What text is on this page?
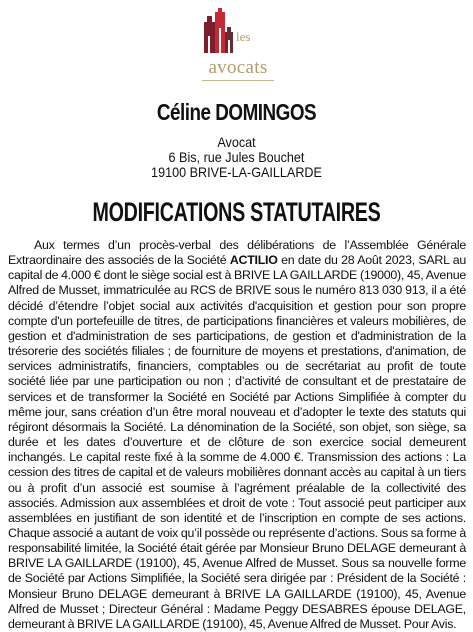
les
avocats
Céline DOMINGOS
Avocat
6 Bis, rue Jules Bouchet
19100 BRIVE-LA-GAILLARDE
MODIFICATIONS STATUTAIRES

Aux termes d’un procès-verbal des délibérations de l’Assemblée Générale Extraordinaire des associés de la Société ACTILIO en date du 28 Août 2023, SARL au capital de 4.000 € dont le siège social est à BRIVE LA GAILLARDE (19000), 45, Avenue Alfred de Musset, immatriculée au RCS de BRIVE sous le numéro 813 030 913, il a été décidé d’étendre l’objet social aux activités d'acquisition et gestion pour son propre compte d'un portefeuille de titres, de participations financières et valeurs mobilières, de gestion et d'administration de ses participations, de gestion et d'administration de la trésorerie des sociétés filiales ; de fourniture de moyens et prestations, d'animation, de services administratifs, financiers, comptables ou de secrétariat au profit de toute société liée par une participation ou non ; d’activité de consultant et de prestataire de services et de transformer la Société en Société par Actions Simplifiée à compter du même jour, sans création d’un être moral nouveau et d’adopter le texte des statuts qui régiront désormais la Société. La dénomination de la Société, son objet, son siège, sa durée et les dates d’ouverture et de clôture de son exercice social demeurent inchangés. Le capital reste fixé à la somme de 4.000 €. Transmission des actions : La cession des titres de capital et de valeurs mobilières donnant accès au capital à un tiers ou à profit d’un associé est soumise à l’agrément préalable de la collectivité des associés. Admission aux assemblées et droit de vote : Tout associé peut participer aux assemblées en justifiant de son identité et de l’inscription en compte de ses actions. Chaque associé a autant de voix qu’il possède ou représente d’actions. Sous sa forme à responsabilité limitée, la Société était gérée par Monsieur Bruno DELAGE demeurant à BRIVE LA GAILLARDE (19100), 45, Avenue Alfred de Musset. Sous sa nouvelle forme de Société par Actions Simplifiée, la Société sera dirigée par : Président de la Société : Monsieur Bruno DELAGE demeurant à BRIVE LA GAILLARDE (19100), 45, Avenue Alfred de Musset ; Directeur Général : Madame Peggy DESABRES épouse DELAGE, demeurant à BRIVE LA GAILLARDE (19100), 45, Avenue Alfred de Musset. Pour Avis.
